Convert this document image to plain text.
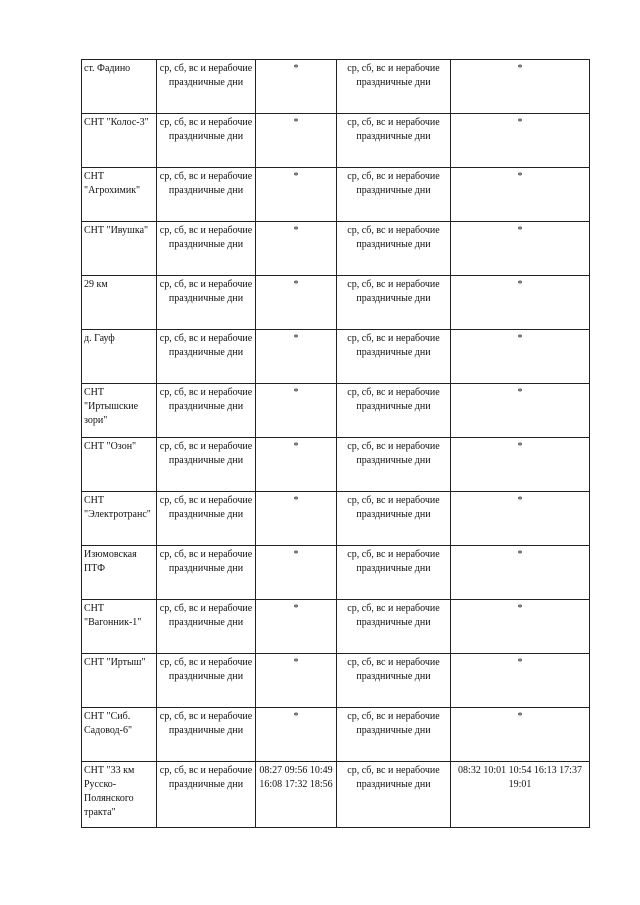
ст. Фадино	ср, сб, вс и нерабочие праздничные дни	*	ср, сб, вс и нерабочие праздничные дни	*
СНТ "Колос-3"	ср, сб, вс и нерабочие праздничные дни	*	ср, сб, вс и нерабочие праздничные дни	*
СНТ "Агрохимик"	ср, сб, вс и нерабочие праздничные дни	*	ср, сб, вс и нерабочие праздничные дни	*
СНТ "Ивушка"	ср, сб, вс и нерабочие праздничные дни	*	ср, сб, вс и нерабочие праздничные дни	*
29 км	ср, сб, вс и нерабочие праздничные дни	*	ср, сб, вс и нерабочие праздничные дни	*
д. Гауф	ср, сб, вс и нерабочие праздничные дни	*	ср, сб, вс и нерабочие праздничные дни	*
СНТ "Иртышские зори"	ср, сб, вс и нерабочие праздничные дни	*	ср, сб, вс и нерабочие праздничные дни	*
СНТ "Озон"	ср, сб, вс и нерабочие праздничные дни	*	ср, сб, вс и нерабочие праздничные дни	*
СНТ "Электротранс"	ср, сб, вс и нерабочие праздничные дни	*	ср, сб, вс и нерабочие праздничные дни	*
Изюмовская ПТФ	ср, сб, вс и нерабочие праздничные дни	*	ср, сб, вс и нерабочие праздничные дни	*
СНТ "Вагонник-1"	ср, сб, вс и нерабочие праздничные дни	*	ср, сб, вс и нерабочие праздничные дни	*
СНТ "Иртыш"	ср, сб, вс и нерабочие праздничные дни	*	ср, сб, вс и нерабочие праздничные дни	*
СНТ "Сиб. Садовод-6"	ср, сб, вс и нерабочие праздничные дни	*	ср, сб, вс и нерабочие праздничные дни	*
СНТ "33 км Русско-Полянского тракта"	ср, сб, вс и нерабочие праздничные дни	08:27 09:56 10:49 16:08 17:32 18:56	ср, сб, вс и нерабочие праздничные дни	08:32 10:01 10:54 16:13 17:37 19:01
